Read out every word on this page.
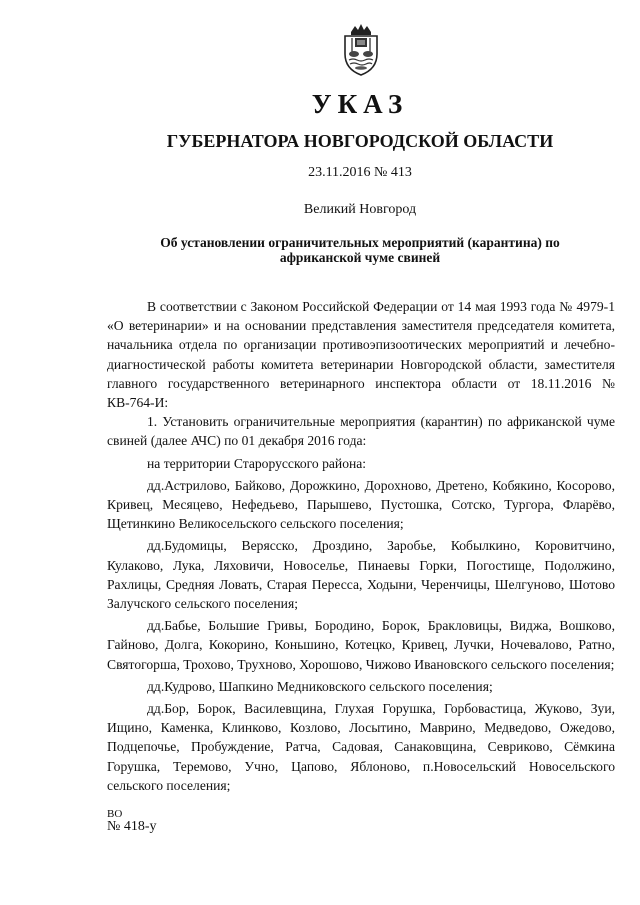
УКАЗ
ГУБЕРНАТОРА НОВГОРОДСКОЙ ОБЛАСТИ
23.11.2016 № 413
Великий Новгород
Об установлении ограничительных мероприятий (карантина) по африканской чуме свиней

В соответствии с Законом Российской Федерации от 14 мая 1993 года № 4979-1 «О ветеринарии» и на основании представления заместителя председателя комитета, начальника отдела по организации противоэпизоотических мероприятий и лечебно-диагностической работы комитета ветеринарии Новгородской области, заместителя главного государственного ветеринарного инспектора области от 18.11.2016 № КВ-764-И:

1. Установить ограничительные мероприятия (карантин) по африканской чуме свиней (далее АЧС) по 01 декабря 2016 года:

на территории Старорусского района:

дд.Астрилово, Байково, Дорожкино, Дорохново, Дретено, Кобякино, Косорово, Кривец, Месяцево, Нефедьево, Парышево, Пустошка, Сотско, Тургора, Фларёво, Щетинкино Великосельского сельского поселения;

дд.Будомицы, Верясско, Дроздино, Заробье, Кобылкино, Коровитчино, Кулаково, Лука, Ляховичи, Новоселье, Пинаевы Горки, Погостище, Подолжино, Рахлицы, Средняя Ловать, Старая Пересса, Ходыни, Черенчицы, Шелгуново, Шотово Залучского сельского поселения;

дд.Бабье, Большие Гривы, Бородино, Борок, Бракловицы, Виджа, Вошково, Гайново, Долга, Кокорино, Коньшино, Котецко, Кривец, Лучки, Ночевалово, Ратно, Святогорша, Трохово, Трухново, Хорошово, Чижово Ивановского сельского поселения;

дд.Кудрово, Шапкино Медниковского сельского поселения;

дд.Бор, Борок, Василевщина, Глухая Горушка, Горбовастица, Жуково, Зуи, Ищино, Каменка, Клинково, Козлово, Лосытино, Маврино, Медведово, Ожедово, Подцепочье, Пробуждение, Ратча, Садовая, Санаковщина, Севриково, Сёмкина Горушка, Теремово, Учно, Цапово, Яблоново, п.Новосельский Новосельского сельского поселения;

ВО
№ 418-у
